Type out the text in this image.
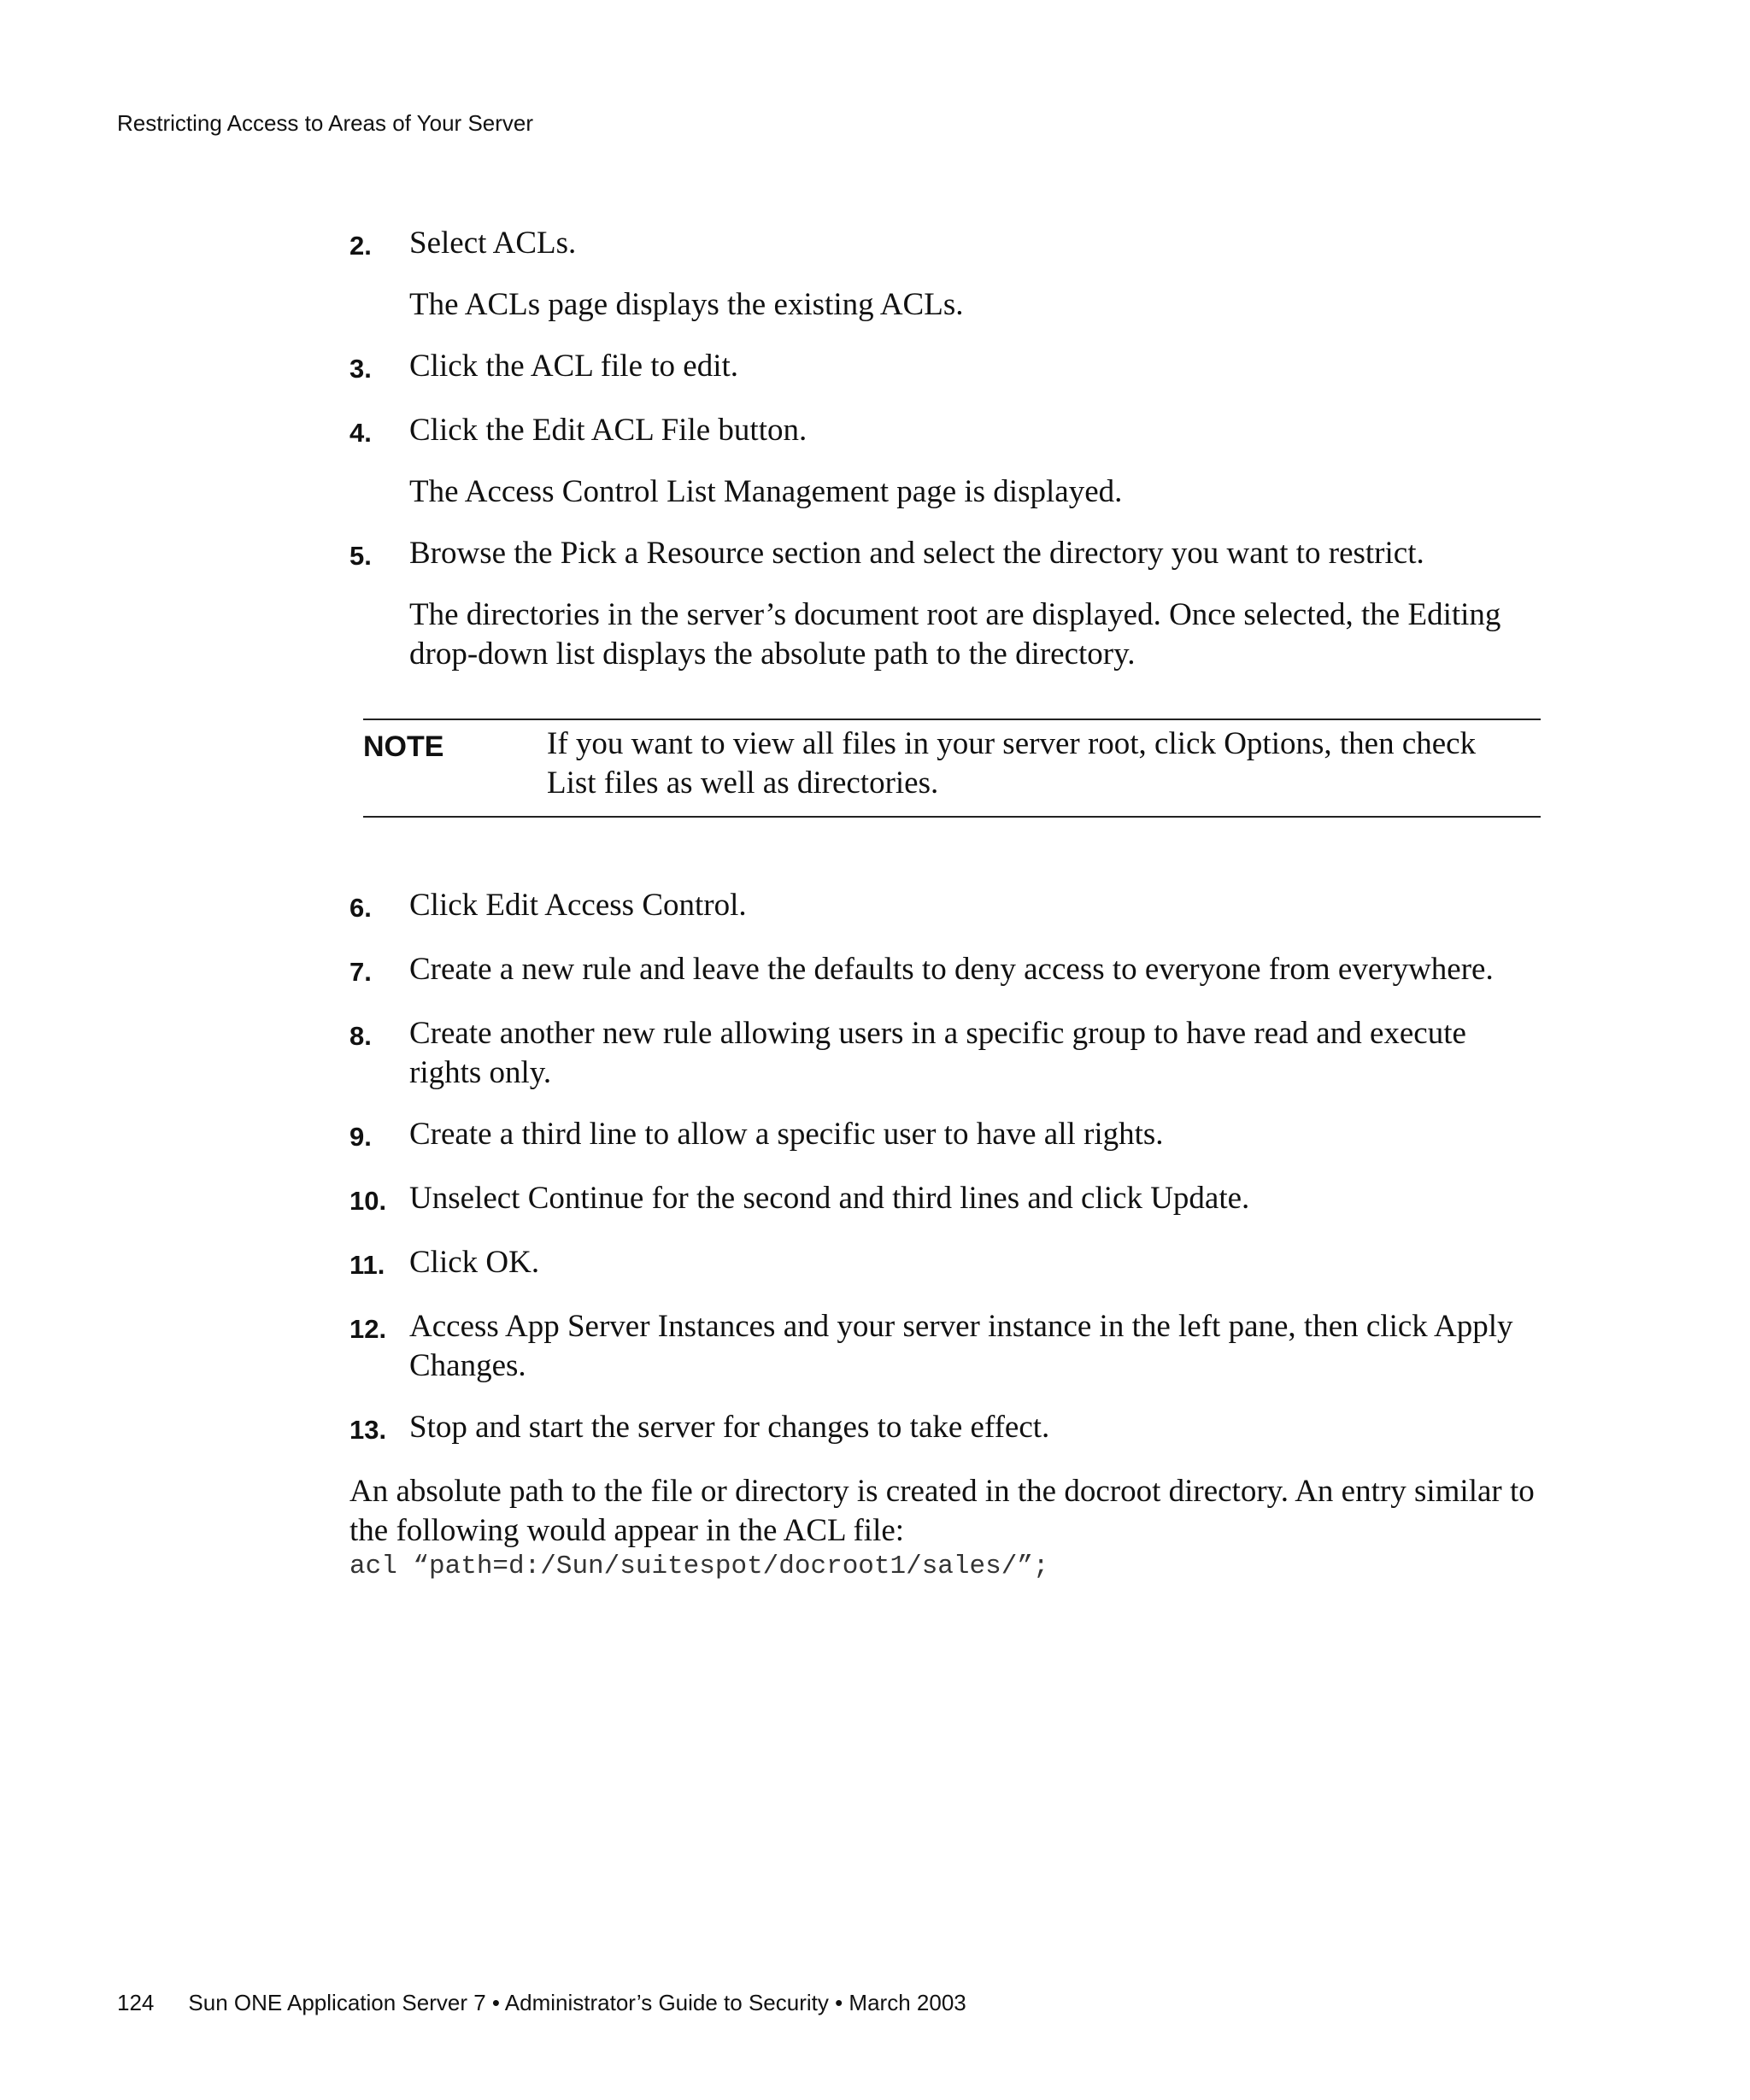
Restricting Access to Areas of Your Server
2.	Select ACLs.
The ACLs page displays the existing ACLs.
3.	Click the ACL file to edit.
4.	Click the Edit ACL File button.
The Access Control List Management page is displayed.
5.	Browse the Pick a Resource section and select the directory you want to restrict.
The directories in the server’s document root are displayed. Once selected, the Editing drop-down list displays the absolute path to the directory.
NOTE	If you want to view all files in your server root, click Options, then check List files as well as directories.
6.	Click Edit Access Control.
7.	Create a new rule and leave the defaults to deny access to everyone from everywhere.
8.	Create another new rule allowing users in a specific group to have read and execute rights only.
9.	Create a third line to allow a specific user to have all rights.
10. Unselect Continue for the second and third lines and click Update.
11. Click OK.
12. Access App Server Instances and your server instance in the left pane, then click Apply Changes.
13. Stop and start the server for changes to take effect.
An absolute path to the file or directory is created in the docroot directory. An entry similar to the following would appear in the ACL file:
acl “path=d:/Sun/suitespot/docroot1/sales/”;
124 Sun ONE Application Server 7 • Administrator’s Guide to Security • March 2003
